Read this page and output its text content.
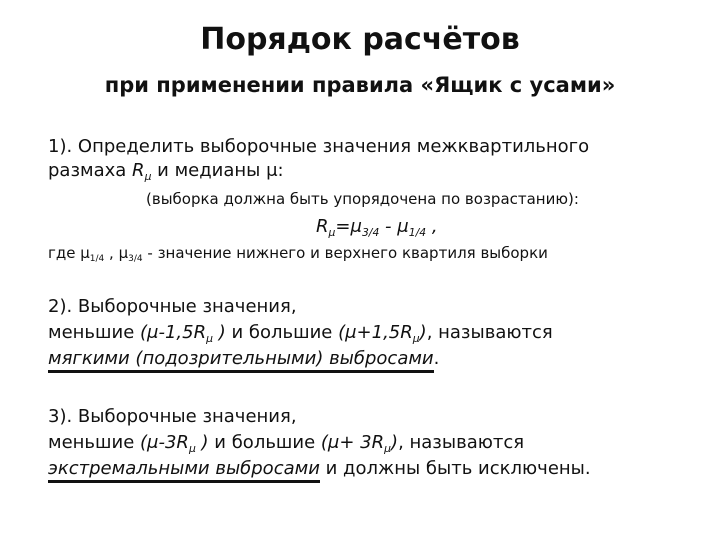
Порядок расчётов
при применении правила «Ящик с усами»
1). Определить выборочные значения межквартильного
размаха $R_\mu$ и медианы μ:
(выборка должна быть упорядочена по возрастанию):
$R_\mu=\mu_{3/4} - \mu_{1/4}$ ,
где $\mu_{1/4}$ , $\mu_{3/4}$ - значение нижнего и верхнего квартиля выборки
2). Выборочные значения,
меньшие ($\mu-1,5R_\mu$ ) и большие $(\mu+1,5R_\mu)$, называются
мягкими (подозрительными) выбросами.
3). Выборочные значения,
меньшие ($\mu-3R_\mu$ ) и большие $(\mu+ 3R_\mu)$, называются
экстремальными выбросами и должны быть исключены.
